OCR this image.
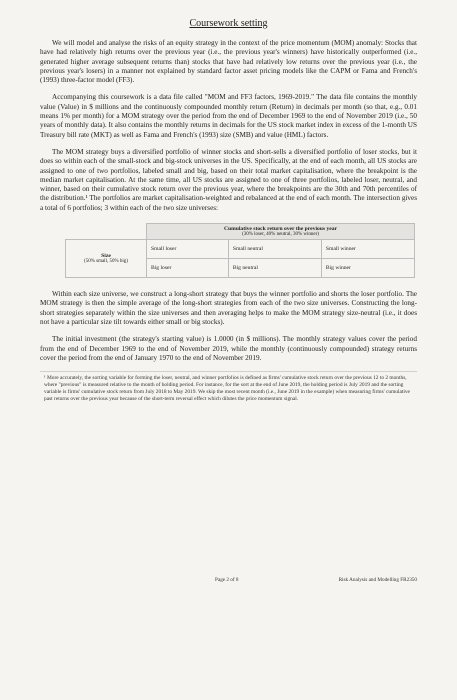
Coursework setting

We will model and analyse the risks of an equity strategy in the context of the price momentum (MOM) anomaly: Stocks that have had relatively high returns over the previous year (i.e., the previous year's winners) have historically outperformed (i.e., generated higher average subsequent returns than) stocks that have had relatively low returns over the previous year (i.e., the previous year's losers) in a manner not explained by standard factor asset pricing models like the CAPM or Fama and French's (1993) three-factor model (FF3).

Accompanying this coursework is a data file called "MOM and FF3 factors, 1969-2019." The data file contains the monthly value (Value) in $ millions and the continuously compounded monthly return (Return) in decimals per month (so that, e.g., 0.01 means 1% per month) for a MOM strategy over the period from the end of December 1969 to the end of November 2019 (i.e., 50 years of monthly data). It also contains the monthly returns in decimals for the US stock market index in excess of the 1-month US Treasury bill rate (MKT) as well as Fama and French's (1993) size (SMB) and value (HML) factors.

The MOM strategy buys a diversified portfolio of winner stocks and short-sells a diversified portfolio of loser stocks, but it does so within each of the small-stock and big-stock universes in the US. Specifically, at the end of each month, all US stocks are assigned to one of two portfolios, labeled small and big, based on their total market capitalisation, where the breakpoint is the median market capitalisation. At the same time, all US stocks are assigned to one of three portfolios, labeled loser, neutral, and winner, based on their cumulative stock return over the previous year, where the breakpoints are the 30th and 70th percentiles of the distribution.¹ The portfolios are market capitalisation-weighted and rebalanced at the end of each month. The intersection gives a total of 6 portfolios; 3 within each of the two size universes:

	Cumulative stock return over the previous year
(30% loser, 40% neutral, 30% winner)		

Size
(50% small, 50% big)	Small loser	Small neutral	Small winner
	Big loser	Big neutral	Big winner

Within each size universe, we construct a long-short strategy that buys the winner portfolio and shorts the loser portfolio. The MOM strategy is then the simple average of the long-short strategies from each of the two size universes. Constructing the long-short strategies separately within the size universes and then averaging helps to make the MOM strategy size-neutral (i.e., it does not have a particular size tilt towards either small or big stocks).

The initial investment (the strategy's starting value) is 1.0000 (in $ millions). The monthly strategy values cover the period from the end of December 1969 to the end of November 2019, while the monthly (continuously compounded) strategy returns cover the period from the end of January 1970 to the end of November 2019.

¹ More accurately, the sorting variable for forming the loser, neutral, and winner portfolios is defined as firms' cumulative stock return over the previous 12 to 2 months, where "previous" is measured relative to the month of holding period. For instance, for the sort at the end of June 2019, the holding period is July 2019 and the sorting variable is firms' cumulative stock return from July 2018 to May 2019. We skip the most recent month (i.e., June 2019 in the example) when measuring firms' cumulative past returns over the previous year because of the short-term reversal effect which dilutes the price momentum signal.
Page 2 of 8	Risk Analysis and Modelling FR2350
